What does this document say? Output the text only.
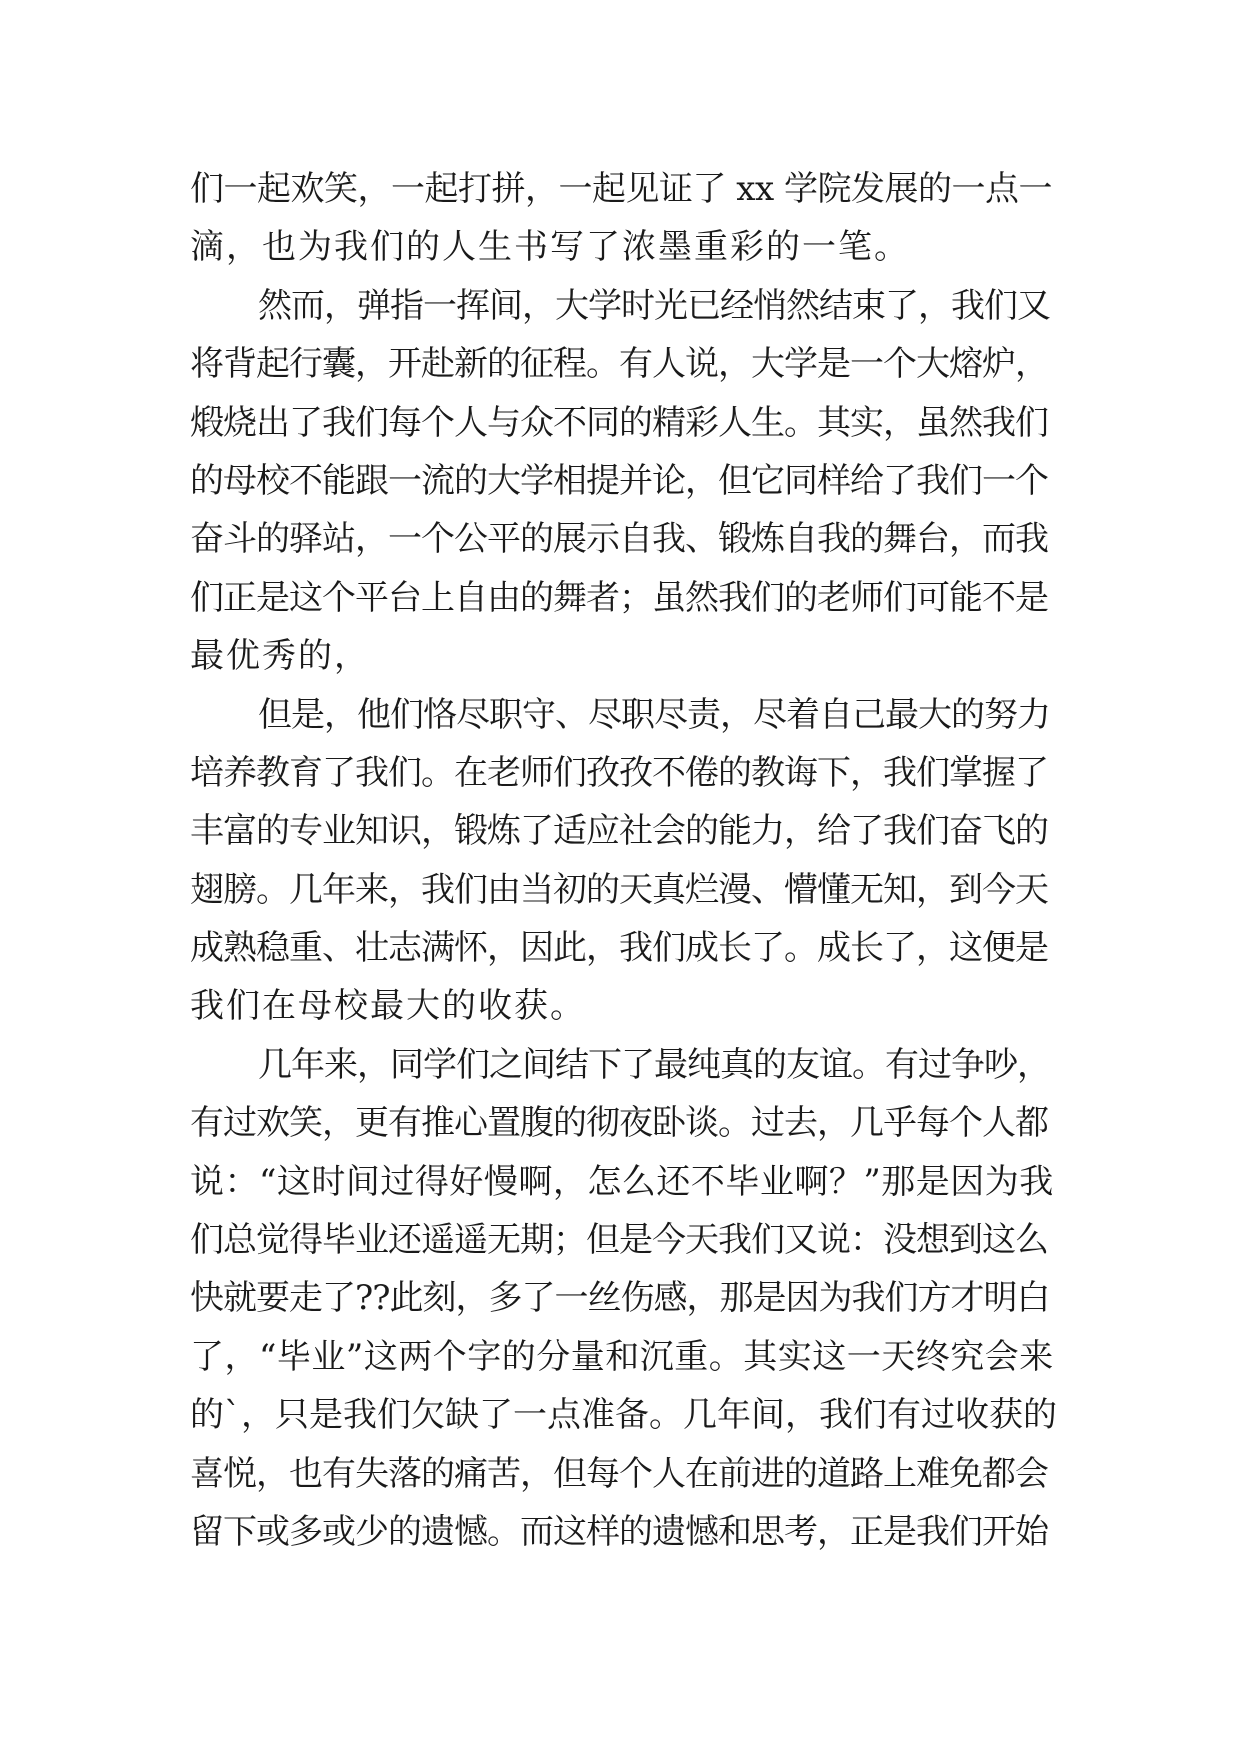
们一起欢笑，一起打拼，一起见证了 xx 学院发展的一点一
滴，也为我们的人生书写了浓墨重彩的一笔。
然而，弹指一挥间，大学时光已经悄然结束了，我们又
将背起行囊，开赴新的征程。有人说，大学是一个大熔炉，
煅烧出了我们每个人与众不同的精彩人生。其实，虽然我们
的母校不能跟一流的大学相提并论，但它同样给了我们一个
奋斗的驿站，一个公平的展示自我、锻炼自我的舞台，而我
们正是这个平台上自由的舞者；虽然我们的老师们可能不是
最优秀的，
但是，他们恪尽职守、尽职尽责，尽着自己最大的努力
培养教育了我们。在老师们孜孜不倦的教诲下，我们掌握了
丰富的专业知识，锻炼了适应社会的能力，给了我们奋飞的
翅膀。几年来，我们由当初的天真烂漫、懵懂无知，到今天
成熟稳重、壮志满怀，因此，我们成长了。成长了，这便是
我们在母校最大的收获。
几年来，同学们之间结下了最纯真的友谊。有过争吵，
有过欢笑，更有推心置腹的彻夜卧谈。过去，几乎每个人都
说：“这时间过得好慢啊，怎么还不毕业啊？”那是因为我
们总觉得毕业还遥遥无期；但是今天我们又说：没想到这么
快就要走了??此刻，多了一丝伤感，那是因为我们方才明白
了，“毕业”这两个字的分量和沉重。其实这一天终究会来
的`，只是我们欠缺了一点准备。几年间，我们有过收获的
喜悦，也有失落的痛苦，但每个人在前进的道路上难免都会
留下或多或少的遗憾。而这样的遗憾和思考，正是我们开始
